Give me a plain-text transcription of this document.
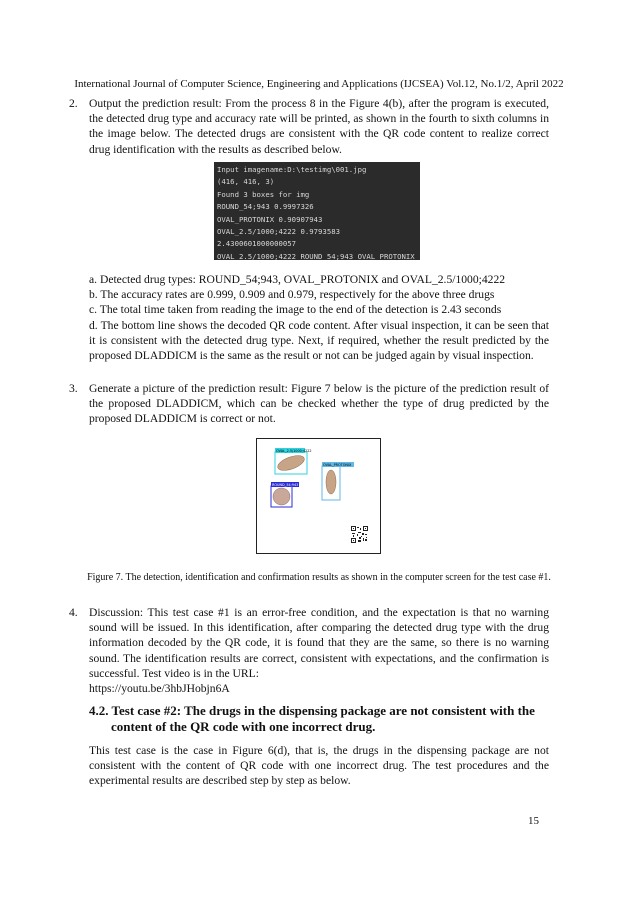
International Journal of Computer Science, Engineering and Applications (IJCSEA) Vol.12, No.1/2, April 2022
2. Output the prediction result: From the process 8 in the Figure 4(b), after the program is executed, the detected drug type and accuracy rate will be printed, as shown in the fourth to sixth columns in the image below. The detected drugs are consistent with the QR code content to realize correct drug identification with the results as described below.

Input imagename:D:\testimg\001.jpg
(416, 416, 3)
Found 3 boxes for img
ROUND_54;943 0.9997326
OVAL_PROTONIX 0.90907943
OVAL_2.5/1000;4222 0.9793583
2.4300601000000057
OVAL_2.5/1000;4222 ROUND_54;943 OVAL_PROTONIX

a. Detected drug types: ROUND_54;943, OVAL_PROTONIX and OVAL_2.5/1000;4222

b. The accuracy rates are 0.999, 0.909 and 0.979, respectively for the above three drugs

c. The total time taken from reading the image to the end of the detection is 2.43 seconds

d. The bottom line shows the decoded QR code content. After visual inspection, it can be seen that it is consistent with the detected drug type. Next, if required, whether the result predicted by the proposed DLADDICM is the same as the result or not can be judged again by visual inspection.

3. Generate a picture of the prediction result: Figure 7 below is the picture of the prediction result of the proposed DLADDICM, which can be checked whether the type of drug predicted by the proposed DLADDICM is correct or not.

OVAL_2.5/1000;4222
OVAL_PROTONIX
ROUND_54;943
Figure 7. The detection, identification and confirmation results as shown in the computer screen for the test case #1.
4. Discussion: This test case #1 is an error-free condition, and the expectation is that no warning sound will be issued. In this identification, after comparing the detected drug type with the drug information decoded by the QR code, it is found that they are the same, so there is no warning sound. The identification results are correct, consistent with expectations, and the confirmation is successful. Test video is in the URL:

https://youtu.be/3hbJHobjn6A

4.2. Test case #2: The drugs in the dispensing package are not consistent with the
content of the QR code with one incorrect drug.

This test case is the case in Figure 6(d), that is, the drugs in the dispensing package are not consistent with the content of QR code with one incorrect drug. The test procedures and the experimental results are described step by step as below.

15
